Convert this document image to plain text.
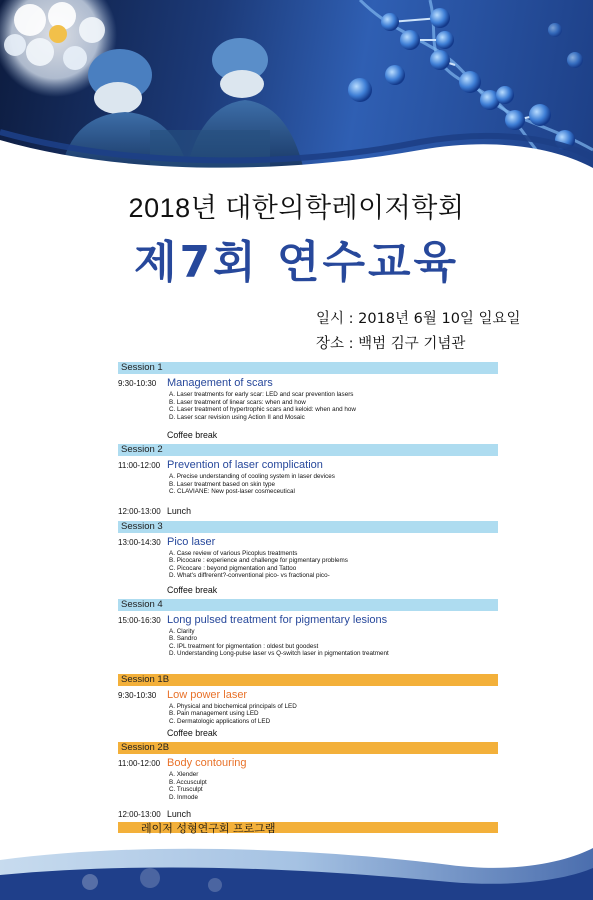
2018년 대한의학레이저학회
제7회 연수교육
일시 : 2018년 6월 10일 일요일
장소 : 백범 김구 기념관
Session 1
9:30-10:30 Management of scars
A. Laser treatments for early scar: LED and scar prevention lasers
B. Laser treatment of linear scars: when and how
C. Laser treatment of hypertrophic scars and keloid: when and how
D. Laser scar revision using Action II and Mosaic
Coffee break
Session 2
11:00-12:00 Prevention of laser complication
A. Precise understanding of cooling system in laser devices
B. Laser treatment based on skin type
C. CLAVIANE: New post-laser cosmeceutical
12:00-13:00 Lunch
Session 3
13:00-14:30 Pico laser
A. Case review of various Picoplus treatments
B. Picocare : experience and challenge for pigmentary problems
C. Picocare : beyond pigmentation and Tattoo
D. What's diffrerent?-conventional pico- vs fractional pico-
Coffee break
Session 4
15:00-16:30 Long pulsed treatment for pigmentary lesions
A. Clarity
B. Sandro
C. IPL treatment for pigmentation : oldest but goodest
D. Understanding Long-pulse laser vs Q-switch laser in pigmentation treatment
Session 1B
9:30-10:30 Low power laser
A. Physical and biochemical principals of LED
B. Pain management using LED
C. Dermatologic applications of LED
Coffee break
Session 2B
11:00-12:00 Body contouring
A. Xlender
B. Accusculpt
C. Trusculpt
D. Inmode
12:00-13:00 Lunch
레이저 성형연구회 프로그램
